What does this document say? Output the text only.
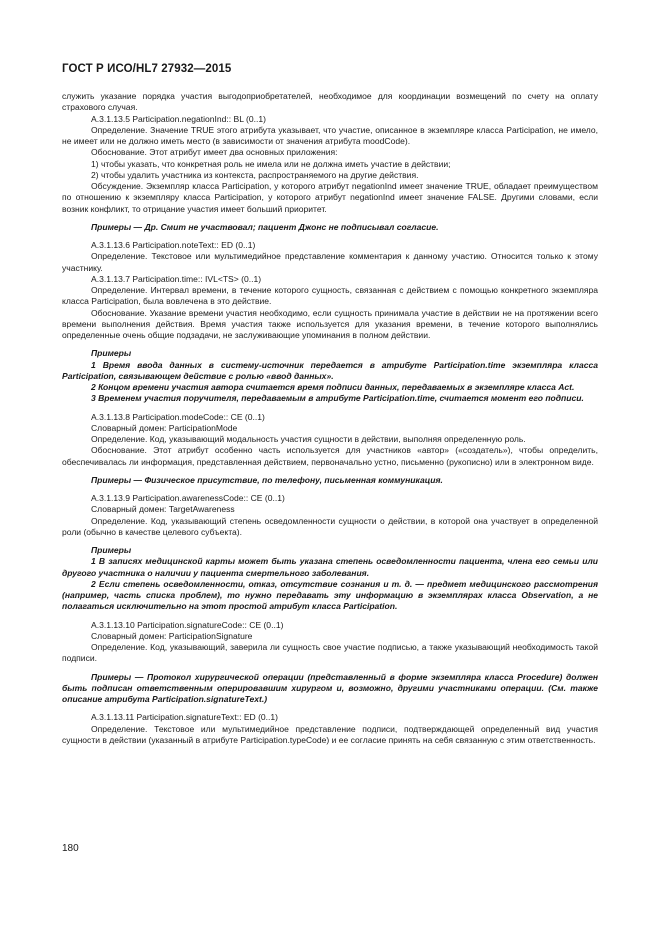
ГОСТ Р ИСО/HL7 27932—2015

служить указание порядка участия выгодоприобретателей, необходимое для координации возмещений по счету на оплату страхового случая.

A.3.1.13.5 Participation.negationInd:: BL (0..1)

Определение. Значение TRUE этого атрибута указывает, что участие, описанное в экземпляре класса Participation, не имело, не имеет или не должно иметь место (в зависимости от значения атрибута moodCode).

Обоснование. Этот атрибут имеет два основных приложения:

1) чтобы указать, что конкретная роль не имела или не должна иметь участие в действии;

2) чтобы удалить участника из контекста, распространяемого на другие действия.

Обсуждение. Экземпляр класса Participation, у которого атрибут negationInd имеет значение TRUE, обладает преимуществом по отношению к экземпляру класса Participation, у которого атрибут negationInd имеет значение FALSE. Другими словами, если возник конфликт, то отрицание участия имеет больший приоритет.

Примеры — Др. Смит не участвовал; пациент Джонс не подписывал согласие.

A.3.1.13.6 Participation.noteText:: ED (0..1)

Определение. Текстовое или мультимедийное представление комментария к данному участию. Относится только к этому участнику.

A.3.1.13.7 Participation.time:: IVL<TS> (0..1)

Определение. Интервал времени, в течение которого сущность, связанная с действием с помощью конкретного экземпляра класса Participation, была вовлечена в это действие.

Обоснование. Указание времени участия необходимо, если сущность принимала участие в действии не на протяжении всего времени выполнения действия. Время участия также используется для указания времени, в течение которого выполнялись определенные очень общие подзадачи, не заслуживающие упоминания в полном действии.

Примеры

1 Время ввода данных в систему-источник передается в атрибуте Participation.time экземпляра класса Participation, связывающем действие с ролью «ввод данных».

2 Концом времени участия автора считается время подписи данных, передаваемых в экземпляре класса Act.

3 Временем участия поручителя, передаваемым в атрибуте Participation.time, считается момент его подписи.

A.3.1.13.8 Participation.modeCode:: CE (0..1)

Словарный домен: ParticipationMode

Определение. Код, указывающий модальность участия сущности в действии, выполняя определенную роль.

Обоснование. Этот атрибут особенно часть используется для участников «автор» («создатель»), чтобы определить, обеспечивалась ли информация, представленная действием, первоначально устно, письменно (рукописно) или в электронном виде.

Примеры — Физическое присутствие, по телефону, письменная коммуникация.

A.3.1.13.9 Participation.awarenessCode:: CE (0..1)

Словарный домен: TargetAwareness

Определение. Код, указывающий степень осведомленности сущности о действии, в которой она участвует в определенной роли (обычно в качестве целевого субъекта).

Примеры

1 В записях медицинской карты может быть указана степень осведомленности пациента, члена его семьи или другого участника о наличии у пациента смертельного заболевания.

2 Если степень осведомленности, отказ, отсутствие сознания и т. д. — предмет медицинского рассмотрения (например, часть списка проблем), то нужно передавать эту информацию в экземплярах класса Observation, а не полагаться исключительно на этот простой атрибут класса Participation.

A.3.1.13.10 Participation.signatureCode:: CE (0..1)

Словарный домен: ParticipationSignature

Определение. Код, указывающий, заверила ли сущность свое участие подписью, а также указывающий необходимость такой подписи.

Примеры — Протокол хирургической операции (представленный в форме экземпляра класса Procedure) должен быть подписан ответственным оперировавшим хирургом и, возможно, другими участниками операции. (См. также описание атрибута Participation.signatureText.)

A.3.1.13.11 Participation.signatureText:: ED (0..1)

Определение. Текстовое или мультимедийное представление подписи, подтверждающей определенный вид участия сущности в действии (указанный в атрибуте Participation.typeCode) и ее согласие принять на себя связанную с этим ответственность.

180
